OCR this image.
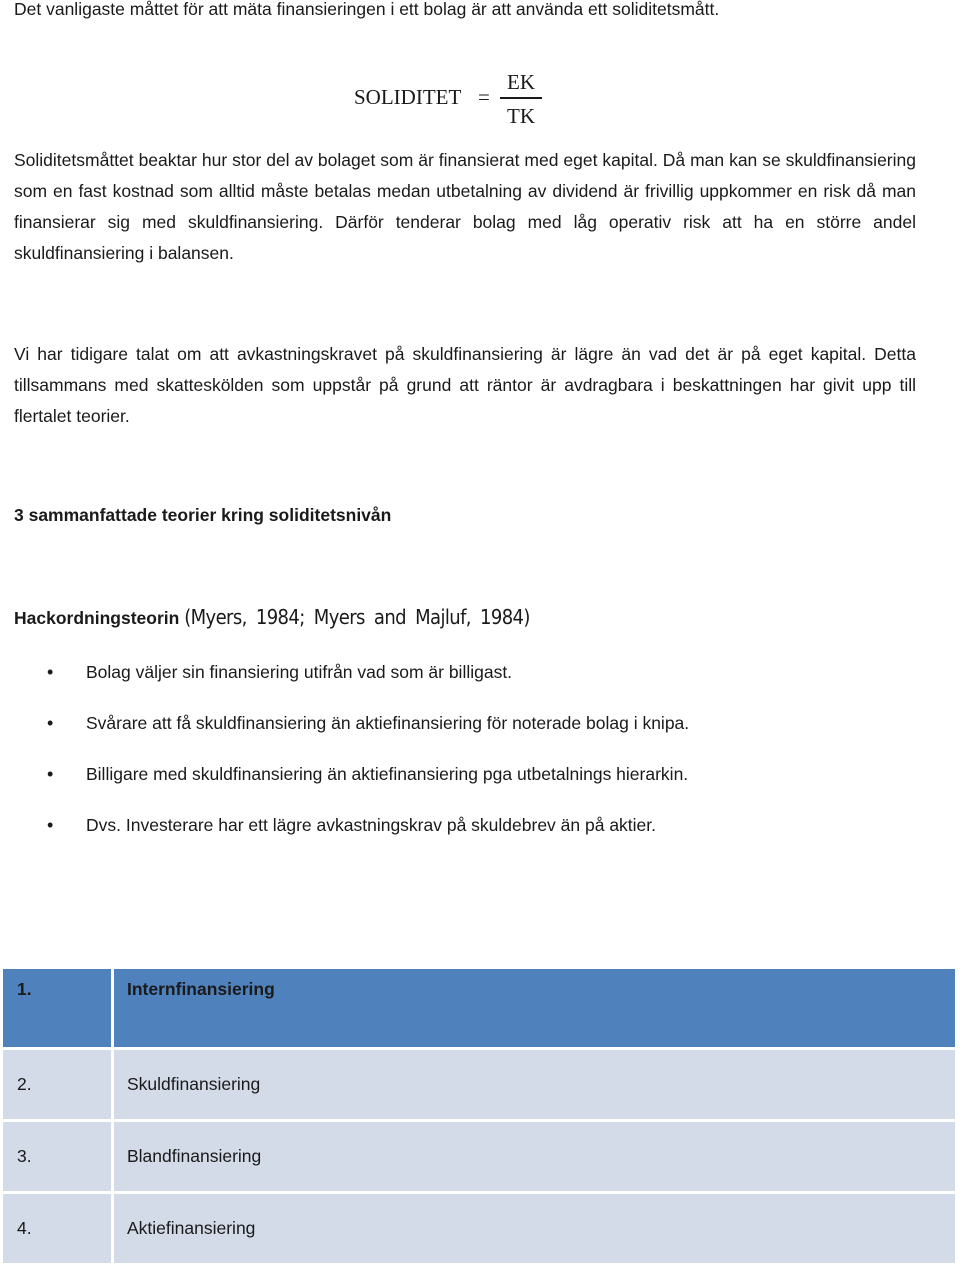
Det vanligaste måttet för att mäta finansieringen i ett bolag är att använda ett soliditetsmått.

SOLIDITET =
EK
TK

Soliditetsmåttet beaktar hur stor del av bolaget som är finansierat med eget kapital. Då man kan se skuldfinansiering som en fast kostnad som alltid måste betalas medan utbetalning av dividend är frivillig uppkommer en risk då man finansierar sig med skuldfinansiering. Därför tenderar bolag med låg operativ risk att ha en större andel skuldfinansiering i balansen.

Vi har tidigare talat om att avkastningskravet på skuldfinansiering är lägre än vad det är på eget kapital. Detta tillsammans med skatteskölden som uppstår på grund att räntor är avdragbara i beskattningen har givit upp till flertalet teorier.

3 sammanfattade teorier kring soliditetsnivån

Hackordningsteorin (Myers, 1984; Myers and Majluf, 1984)

• Bolag väljer sin finansiering utifrån vad som är billigast.
• Svårare att få skuldfinansiering än aktiefinansiering för noterade bolag i knipa.
• Billigare med skuldfinansiering än aktiefinansiering pga utbetalnings hierarkin.
• Dvs. Investerare har ett lägre avkastningskrav på skuldebrev än på aktier.
1.	Internfinansiering
2.	Skuldfinansiering
3.	Blandfinansiering
4.	Aktiefinansiering
